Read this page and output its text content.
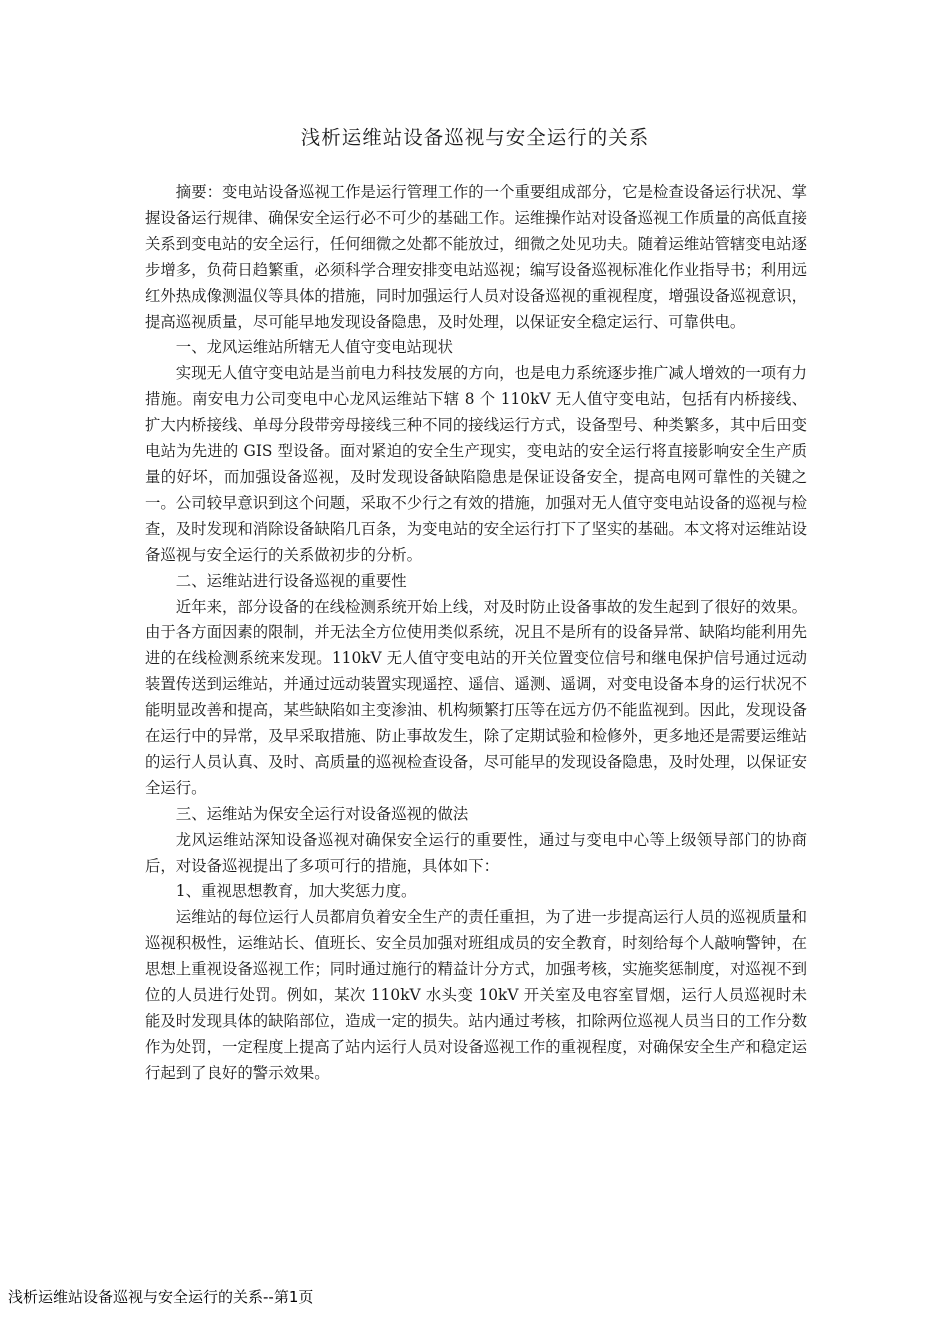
浅析运维站设备巡视与安全运行的关系

摘要：变电站设备巡视工作是运行管理工作的一个重要组成部分，它是检查设备运行状况、掌握设备运行规律、确保安全运行必不可少的基础工作。运维操作站对设备巡视工作质量的高低直接关系到变电站的安全运行，任何细微之处都不能放过，细微之处见功夫。随着运维站管辖变电站逐步增多，负荷日趋繁重，必须科学合理安排变电站巡视；编写设备巡视标准化作业指导书；利用远红外热成像测温仪等具体的措施，同时加强运行人员对设备巡视的重视程度，增强设备巡视意识，提高巡视质量，尽可能早地发现设备隐患，及时处理，以保证安全稳定运行、可靠供电。

一、龙风运维站所辖无人值守变电站现状

实现无人值守变电站是当前电力科技发展的方向，也是电力系统逐步推广减人增效的一项有力措施。南安电力公司变电中心龙风运维站下辖 8 个 110kV 无人值守变电站，包括有内桥接线、扩大内桥接线、单母分段带旁母接线三种不同的接线运行方式，设备型号、种类繁多，其中后田变电站为先进的 GIS 型设备。面对紧迫的安全生产现实，变电站的安全运行将直接影响安全生产质量的好坏，而加强设备巡视，及时发现设备缺陷隐患是保证设备安全，提高电网可靠性的关键之一。公司较早意识到这个问题，采取不少行之有效的措施，加强对无人值守变电站设备的巡视与检查，及时发现和消除设备缺陷几百条，为变电站的安全运行打下了坚实的基础。本文将对运维站设备巡视与安全运行的关系做初步的分析。

二、运维站进行设备巡视的重要性

近年来，部分设备的在线检测系统开始上线，对及时防止设备事故的发生起到了很好的效果。由于各方面因素的限制，并无法全方位使用类似系统，况且不是所有的设备异常、缺陷均能利用先进的在线检测系统来发现。110kV 无人值守变电站的开关位置变位信号和继电保护信号通过远动装置传送到运维站，并通过远动装置实现遥控、遥信、遥测、遥调，对变电设备本身的运行状况不能明显改善和提高，某些缺陷如主变渗油、机构频繁打压等在远方仍不能监视到。因此，发现设备在运行中的异常，及早采取措施、防止事故发生，除了定期试验和检修外，更多地还是需要运维站的运行人员认真、及时、高质量的巡视检查设备，尽可能早的发现设备隐患，及时处理，以保证安全运行。

三、运维站为保安全运行对设备巡视的做法

龙风运维站深知设备巡视对确保安全运行的重要性，通过与变电中心等上级领导部门的协商后，对设备巡视提出了多项可行的措施，具体如下：

1、重视思想教育，加大奖惩力度。

运维站的每位运行人员都肩负着安全生产的责任重担，为了进一步提高运行人员的巡视质量和巡视积极性，运维站长、值班长、安全员加强对班组成员的安全教育，时刻给每个人敲响警钟，在思想上重视设备巡视工作；同时通过施行的精益计分方式，加强考核，实施奖惩制度，对巡视不到位的人员进行处罚。例如，某次 110kV 水头变 10kV 开关室及电容室冒烟，运行人员巡视时未能及时发现具体的缺陷部位，造成一定的损失。站内通过考核，扣除两位巡视人员当日的工作分数作为处罚，一定程度上提高了站内运行人员对设备巡视工作的重视程度，对确保安全生产和稳定运行起到了良好的警示效果。

浅析运维站设备巡视与安全运行的关系--第1页
